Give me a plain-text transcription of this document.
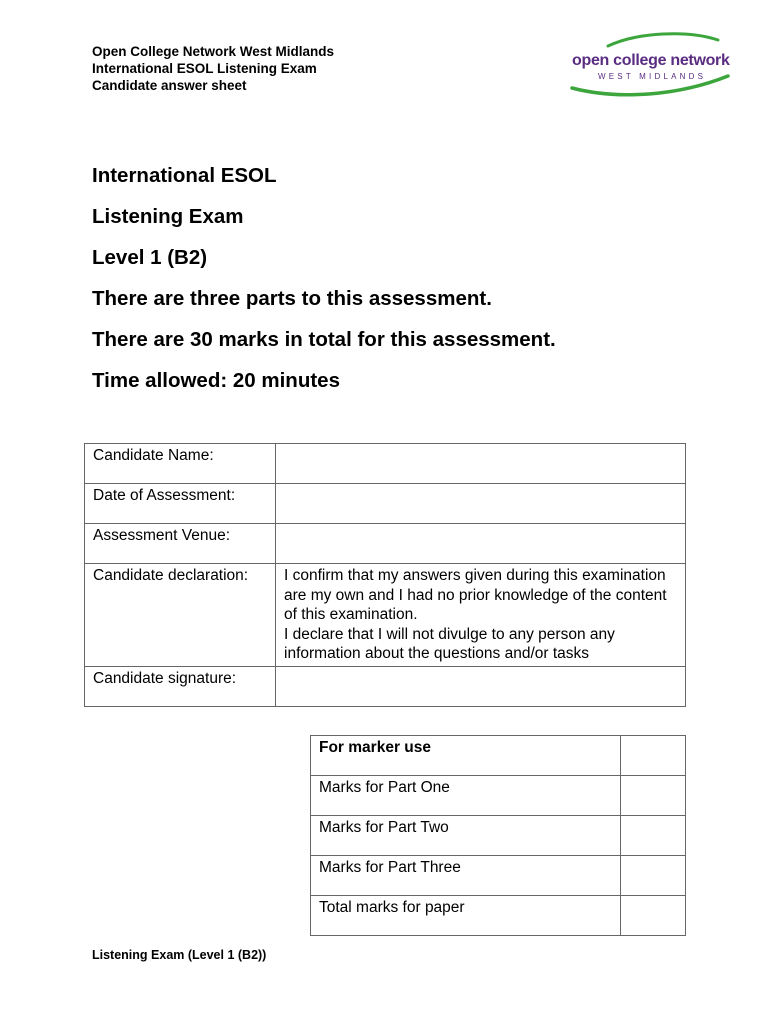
Open College Network West Midlands
International ESOL Listening Exam
Candidate answer sheet
open college network
WEST MIDLANDS
International ESOL
Listening Exam
Level 1 (B2)
There are three parts to this assessment.
There are 30 marks in total for this assessment.
Time allowed: 20 minutes
Candidate Name:	
Date of Assessment:	
Assessment Venue:	
Candidate declaration:	I confirm that my answers given during this examination are my own and I had no prior knowledge of the content of this examination.
I declare that I will not divulge to any person any information about the questions and/or tasks

Candidate signature:	
For marker use	
Marks for Part One	
Marks for Part Two	
Marks for Part Three	
Total marks for paper	
Listening Exam (Level 1 (B2))
